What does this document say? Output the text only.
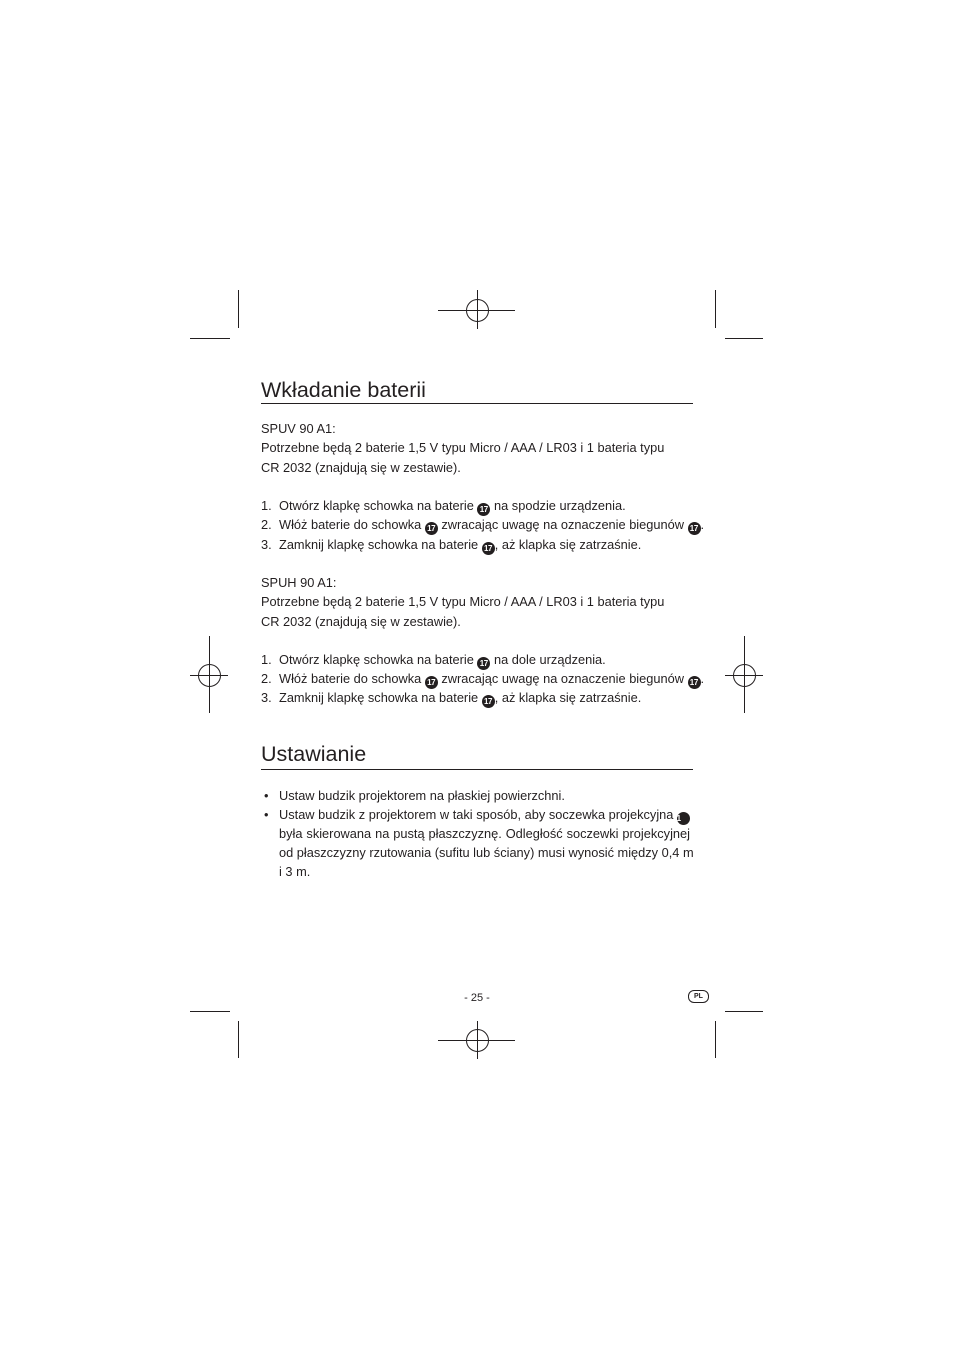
Wkładanie baterii
SPUV 90 A1:
Potrzebne będą 2 baterie 1,5 V typu Micro / AAA / LR03 i 1 bateria typu
CR 2032 (znajdują się w zestawie).
1. Otwórz klapkę schowka na baterie 17 na spodzie urządzenia.
2. Włóż baterie do schowka 17 zwracając uwagę na oznaczenie biegunów 17 .
3. Zamknij klapkę schowka na baterie 17 , aż klapka się zatrzaśnie.
SPUH 90 A1:
Potrzebne będą 2 baterie 1,5 V typu Micro / AAA / LR03 i 1 bateria typu
CR 2032 (znajdują się w zestawie).
1. Otwórz klapkę schowka na baterie 17 na dole urządzenia.
2. Włóż baterie do schowka 17 zwracając uwagę na oznaczenie biegunów 17 .
3. Zamknij klapkę schowka na baterie 17 , aż klapka się zatrzaśnie.
Ustawianie
• Ustaw budzik projektorem na płaskiej powierzchni.
• Ustaw budzik z projektorem w taki sposób, aby soczewka projekcyjna 1
była skierowana na pustą płaszczyznę. Odległość soczewki projekcyjnej
od płaszczyzny rzutowania (sufitu lub ściany) musi wynosić między 0,4 m
i 3 m.
- 25 -	PL
